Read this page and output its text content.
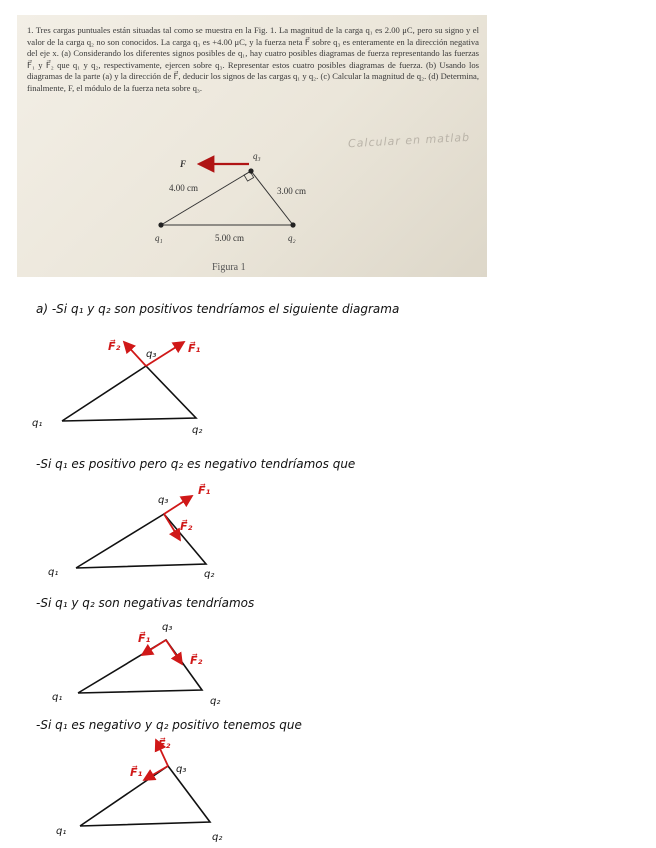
1. Tres cargas puntuales están situadas tal como se muestra en la Fig. 1. La magnitud de la carga q₁ es 2.00 μC, pero su signo y el valor de la carga q₂ no son conocidos. La carga q₃ es +4.00 μC, y la fuerza neta F⃗ sobre q₃ es enteramente en la dirección negativa del eje x. (a) Considerando los diferentes signos posibles de q₁, hay cuatro posibles diagramas de fuerza representando las fuerzas F⃗₁ y F⃗₂ que q₁ y q₂, respectivamente, ejercen sobre q₃. Representar estos cuatro posibles diagramas de fuerza. (b) Usando los diagramas de la parte (a) y la dirección de F⃗, deducir los signos de las cargas q₁ y q₂. (c) Calcular la magnitud de q₂. (d) Determina, finalmente, F, el módulo de la fuerza neta sobre q₃.

Calcular en matlab
F⃗
q₃
q₁	q₂
4.00 cm	3.00 cm
5.00 cm
Figura 1
a) -Si q₁ y q₂ son positivos tendríamos el siguiente diagrama
-Si q₁ es positivo pero q₂ es negativo tendríamos que
-Si q₁ y q₂ son negativas tendríamos
-Si q₁ es negativo y q₂ positivo tenemos que
F⃗₂	F⃗₁
q₃
q₁
q₂
F⃗₁
F⃗₂
q₃
q₁	q₂
F⃗₁
F⃗₂
q₃
q₁	q₂
F⃗₂
F⃗₁	q₃
q₁
q₂
